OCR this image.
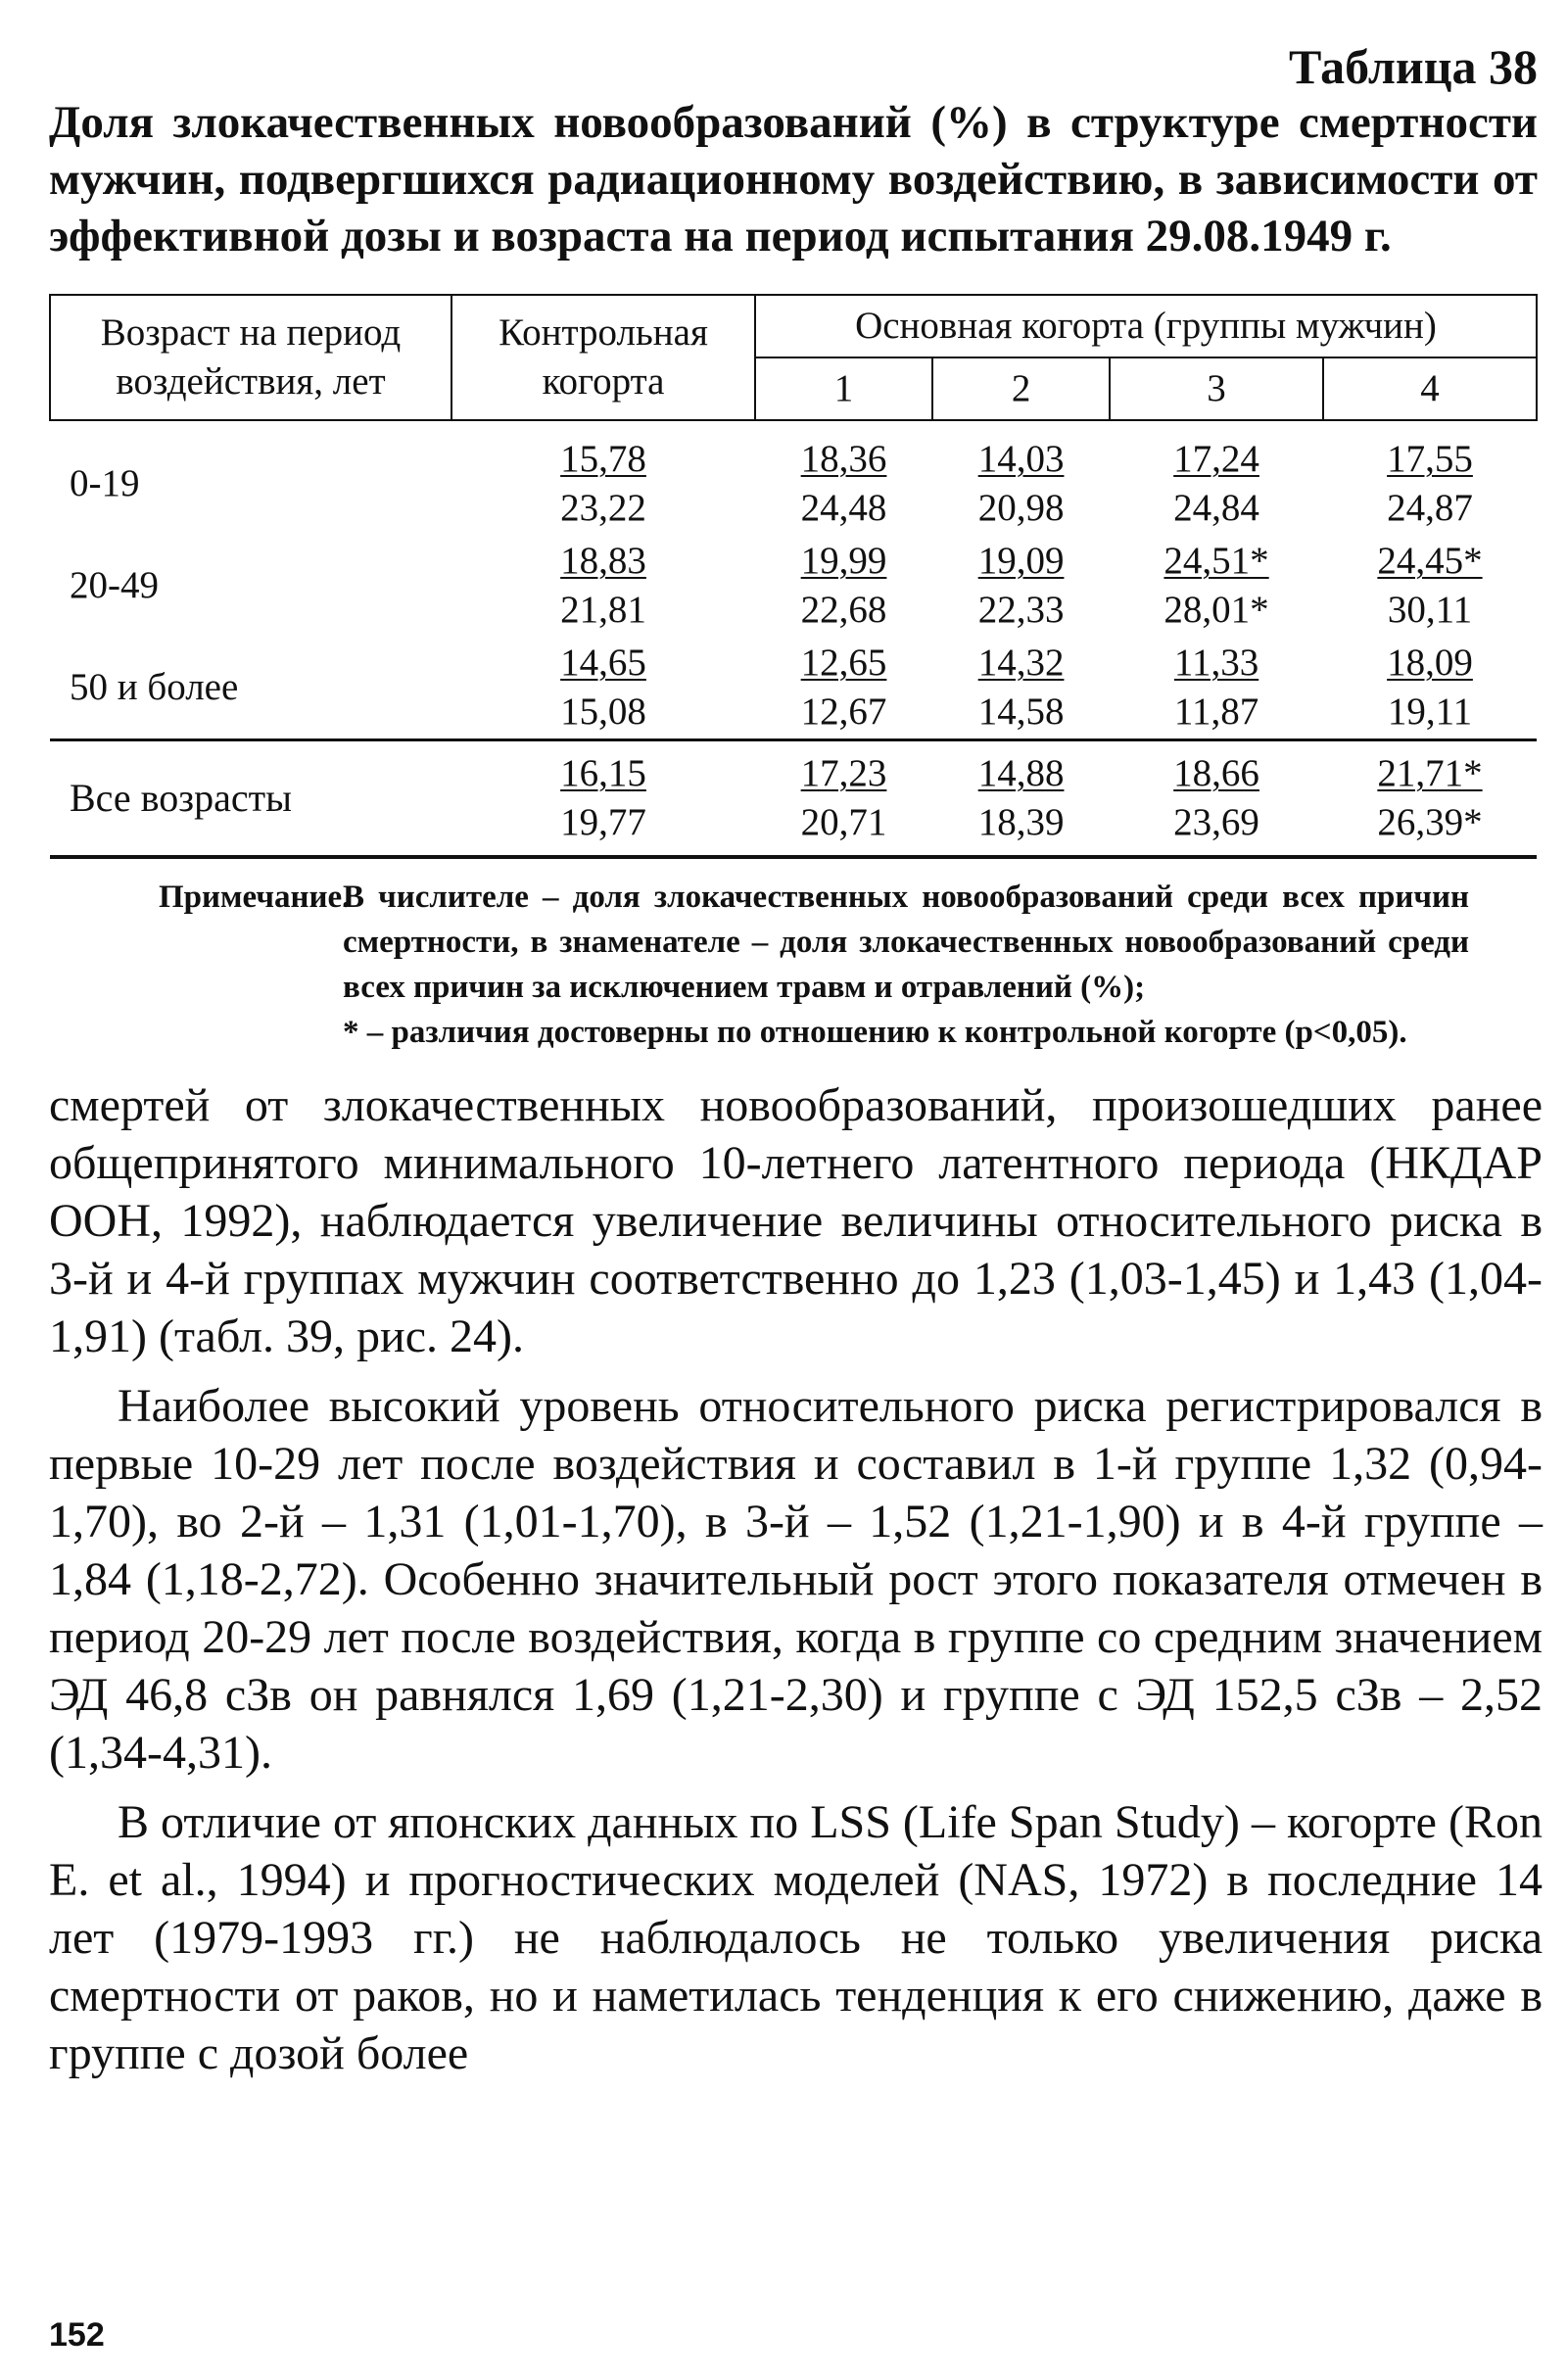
Таблица 38
Доля злокачественных новообразований (%) в структуре смертности мужчин, подвергшихся радиационному воздействию, в зависимости от эффективной дозы и возраста на период испытания 29.08.1949 г.
Возраст на период воздействия, лет	Контрольная когорта	Основная когорта (группы мужчин)			
		1	2	3	4
0-19	$\frac{15,78}{23,22}$	$\frac{18,36}{24,48}$	$\frac{14,03}{20,98}$	$\frac{17,24}{24,84}$	$\frac{17,55}{24,87}$

20-49	$\frac{18,83}{21,81}$	$\frac{19,99}{22,68}$	$\frac{19,09}{22,33}$	$\frac{24,51*}{28,01*}$	$\frac{24,45*}{30,11}$

50 и более	$\frac{14,65}{15,08}$	$\frac{12,65}{12,67}$	$\frac{14,32}{14,58}$	$\frac{11,33}{11,87}$	$\frac{18,09}{19,11}$

Все возрасты	$\frac{16,15}{19,77}$	$\frac{17,23}{20,71}$	$\frac{14,88}{18,39}$	$\frac{18,66}{23,69}$	$\frac{21,71*}{26,39*}$
Примечание.

В числителе – доля злокачественных новообразований среди всех причин смертности, в знаменателе – доля злокачественных новообразований среди всех причин за исключением травм и отравлений (%);

* – различия достоверны по отношению к контрольной когорте (p<0,05).

смертей от злокачественных новообразований, произошедших ранее общепринятого минимального 10-летнего латентного периода (НКДАР ООН, 1992), наблюдается увеличение величины относительного риска в 3-й и 4-й группах мужчин соответственно до 1,23 (1,03-1,45) и 1,43 (1,04-1,91) (табл. 39, рис. 24).

Наиболее высокий уровень относительного риска регистрировался в первые 10-29 лет после воздействия и составил в 1-й группе 1,32 (0,94-1,70), во 2-й – 1,31 (1,01-1,70), в 3-й – 1,52 (1,21-1,90) и в 4-й группе – 1,84 (1,18-2,72). Особенно значительный рост этого показателя отмечен в период 20-29 лет после воздействия, когда в группе со средним значением ЭД 46,8 сЗв он равнялся 1,69 (1,21-2,30) и группе с ЭД 152,5 сЗв – 2,52 (1,34-4,31).

В отличие от японских данных по LSS (Life Span Study) – когорте (Ron E. et al., 1994) и прогностических моделей (NAS, 1972) в последние 14 лет (1979-1993 гг.) не наблюдалось не только увеличения риска смертности от раков, но и наметилась тенденция к его снижению, даже в группе с дозой более

152
